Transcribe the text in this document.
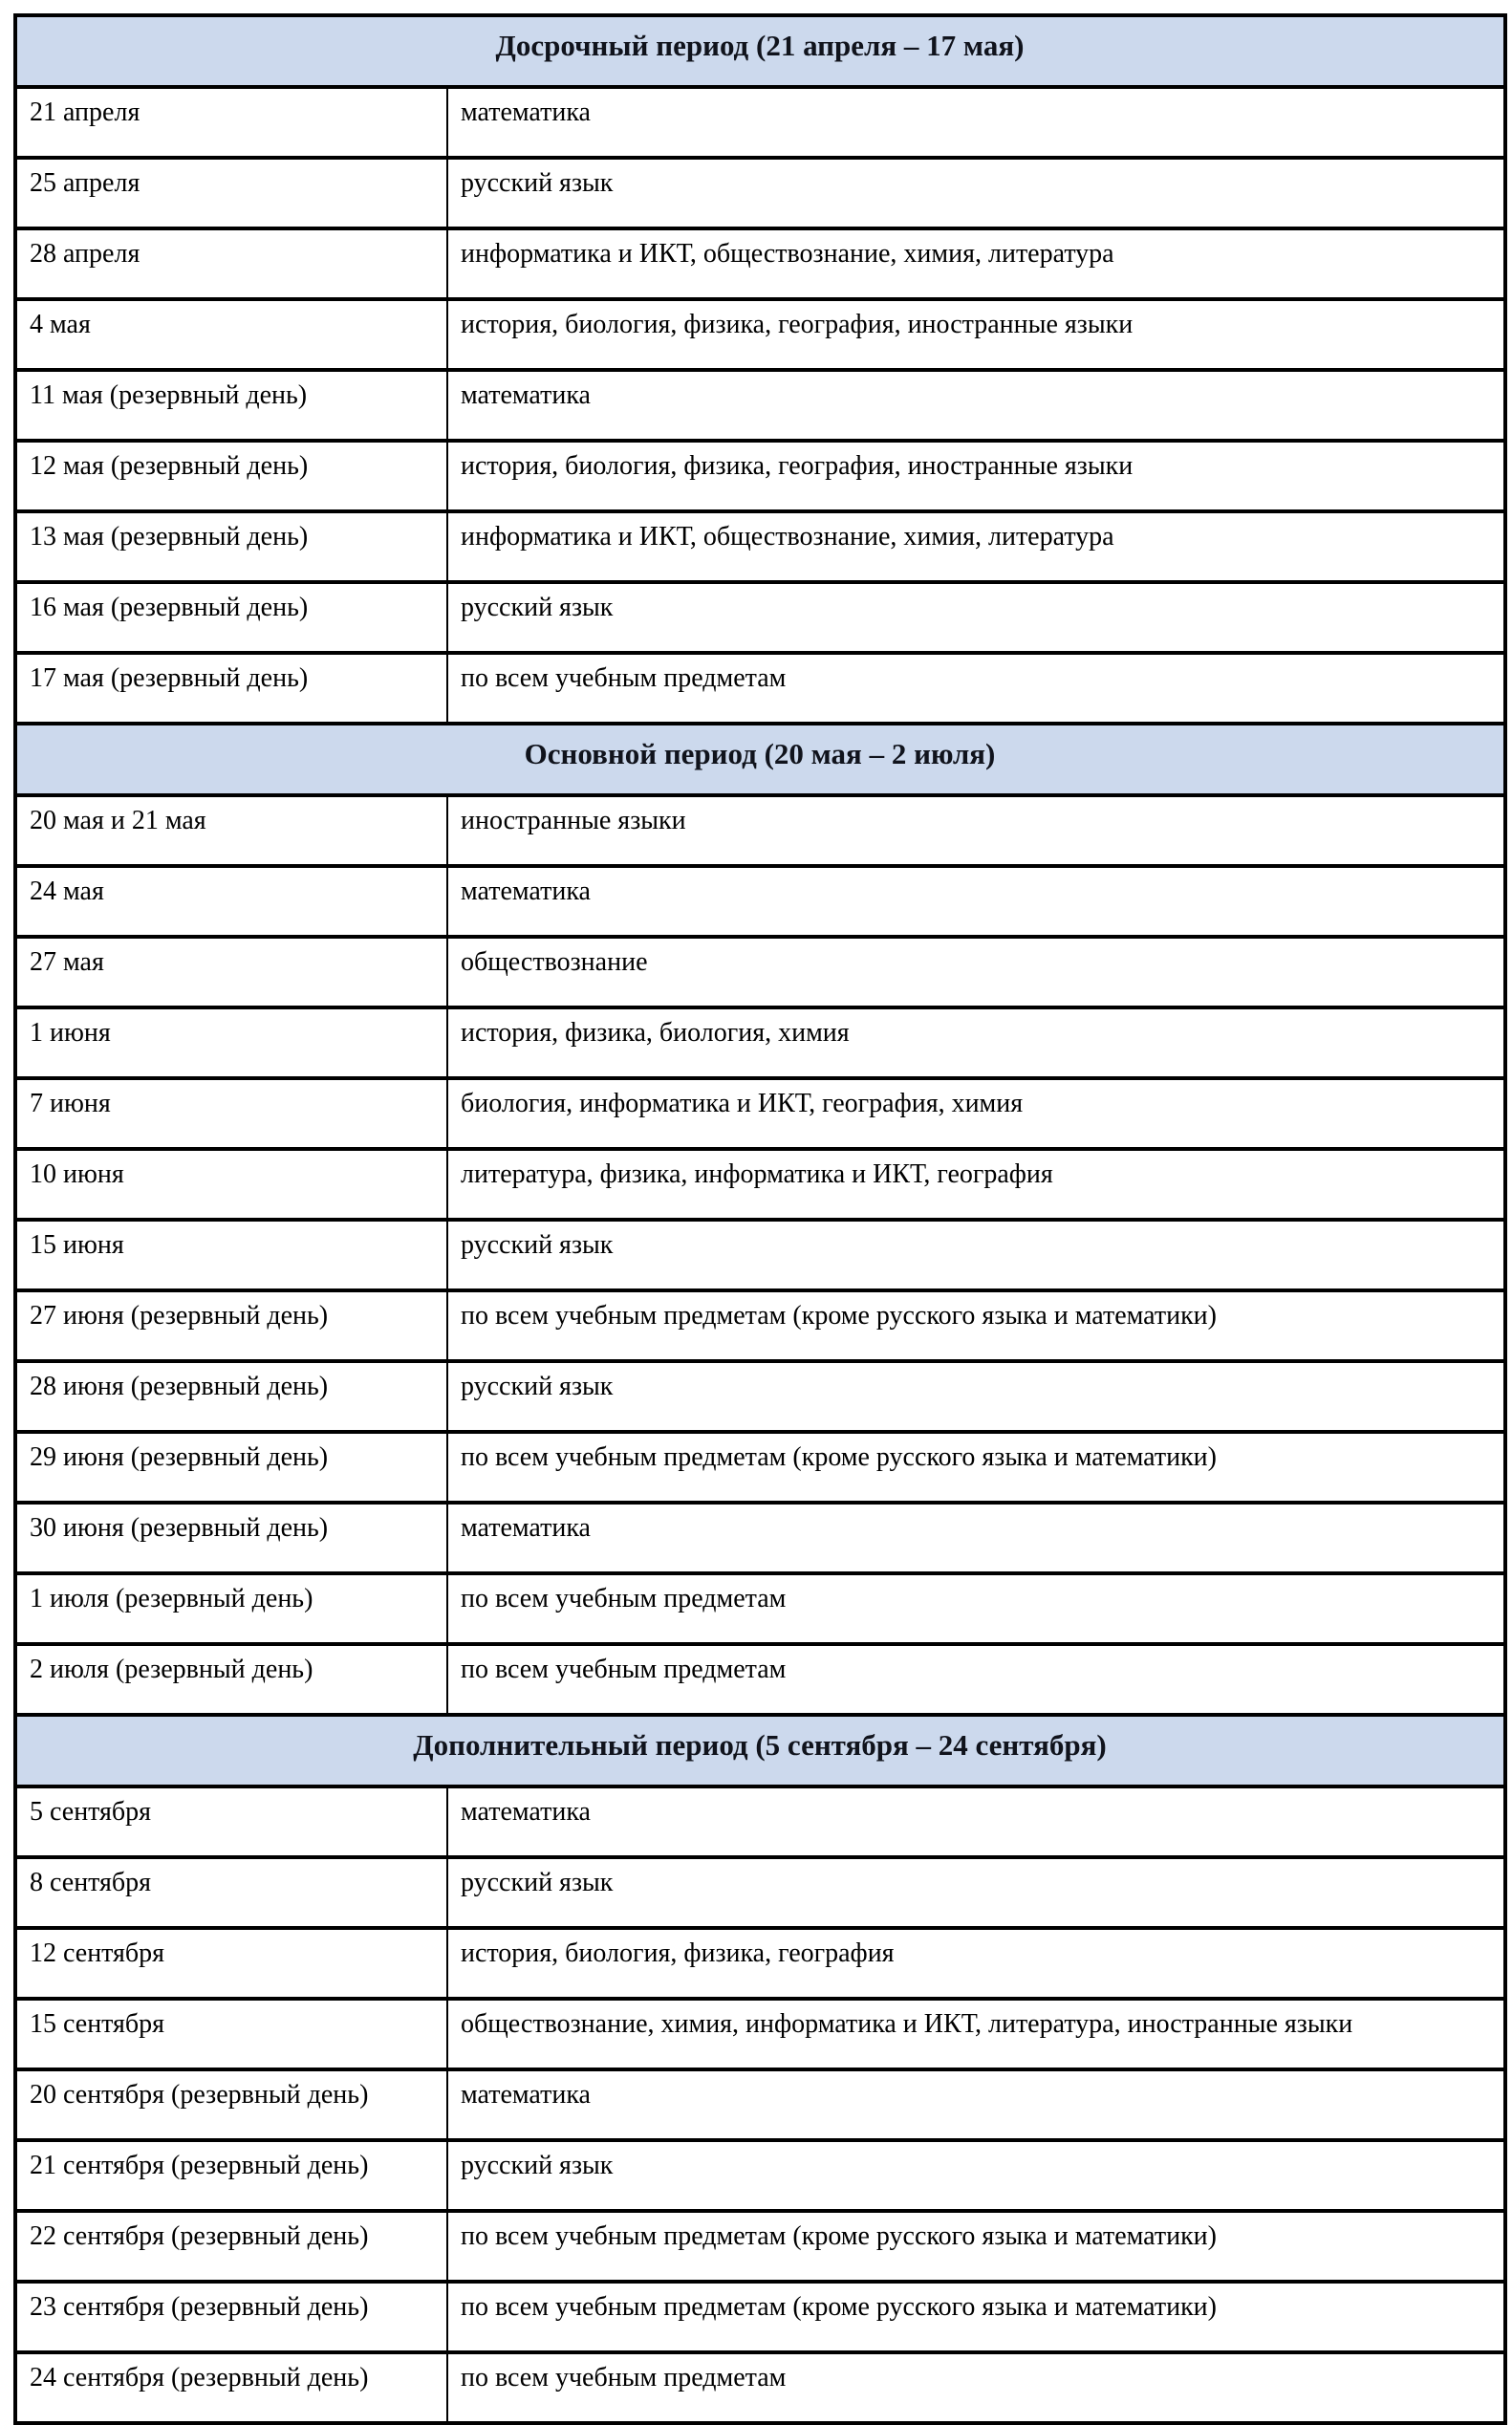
Досрочный период (21 апреля – 17 мая)	
21 апреля	математика
25 апреля	русский язык
28 апреля	информатика и ИКТ, обществознание, химия, литература
4 мая	история, биология, физика, география, иностранные языки
11 мая (резервный день)	математика
12 мая (резервный день)	история, биология, физика, география, иностранные языки
13 мая (резервный день)	информатика и ИКТ, обществознание, химия, литература
16 мая (резервный день)	русский язык
17 мая (резервный день)	по всем учебным предметам
Основной период (20 мая – 2 июля)	
20 мая и 21 мая	иностранные языки
24 мая	математика
27 мая	обществознание
1 июня	история, физика, биология, химия
7 июня	биология, информатика и ИКТ, география, химия
10 июня	литература, физика, информатика и ИКТ, география
15 июня	русский язык
27 июня (резервный день)	по всем учебным предметам (кроме русского языка и математики)
28 июня (резервный день)	русский язык
29 июня (резервный день)	по всем учебным предметам (кроме русского языка и математики)
30 июня (резервный день)	математика
1 июля (резервный день)	по всем учебным предметам
2 июля (резервный день)	по всем учебным предметам
Дополнительный период (5 сентября – 24 сентября)	
5 сентября	математика
8 сентября	русский язык
12 сентября	история, биология, физика, география
15 сентября	обществознание, химия, информатика и ИКТ, литература, иностранные языки
20 сентября (резервный день)	математика
21 сентября (резервный день)	русский язык
22 сентября (резервный день)	по всем учебным предметам (кроме русского языка и математики)
23 сентября (резервный день)	по всем учебным предметам (кроме русского языка и математики)
24 сентября (резервный день)	по всем учебным предметам
